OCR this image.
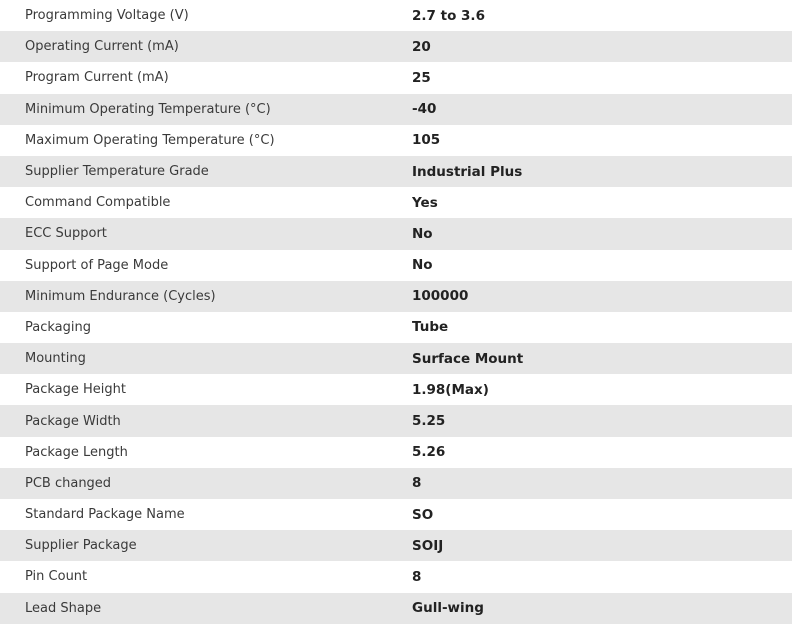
Programming Voltage (V)	2.7 to 3.6
Operating Current (mA)	20
Program Current (mA)	25
Minimum Operating Temperature (°C)	-40
Maximum Operating Temperature (°C)	105
Supplier Temperature Grade	Industrial Plus
Command Compatible	Yes
ECC Support	No
Support of Page Mode	No
Minimum Endurance (Cycles)	100000
Packaging	Tube
Mounting	Surface Mount
Package Height	1.98(Max)
Package Width	5.25
Package Length	5.26
PCB changed	8
Standard Package Name	SO
Supplier Package	SOIJ
Pin Count	8
Lead Shape	Gull-wing
